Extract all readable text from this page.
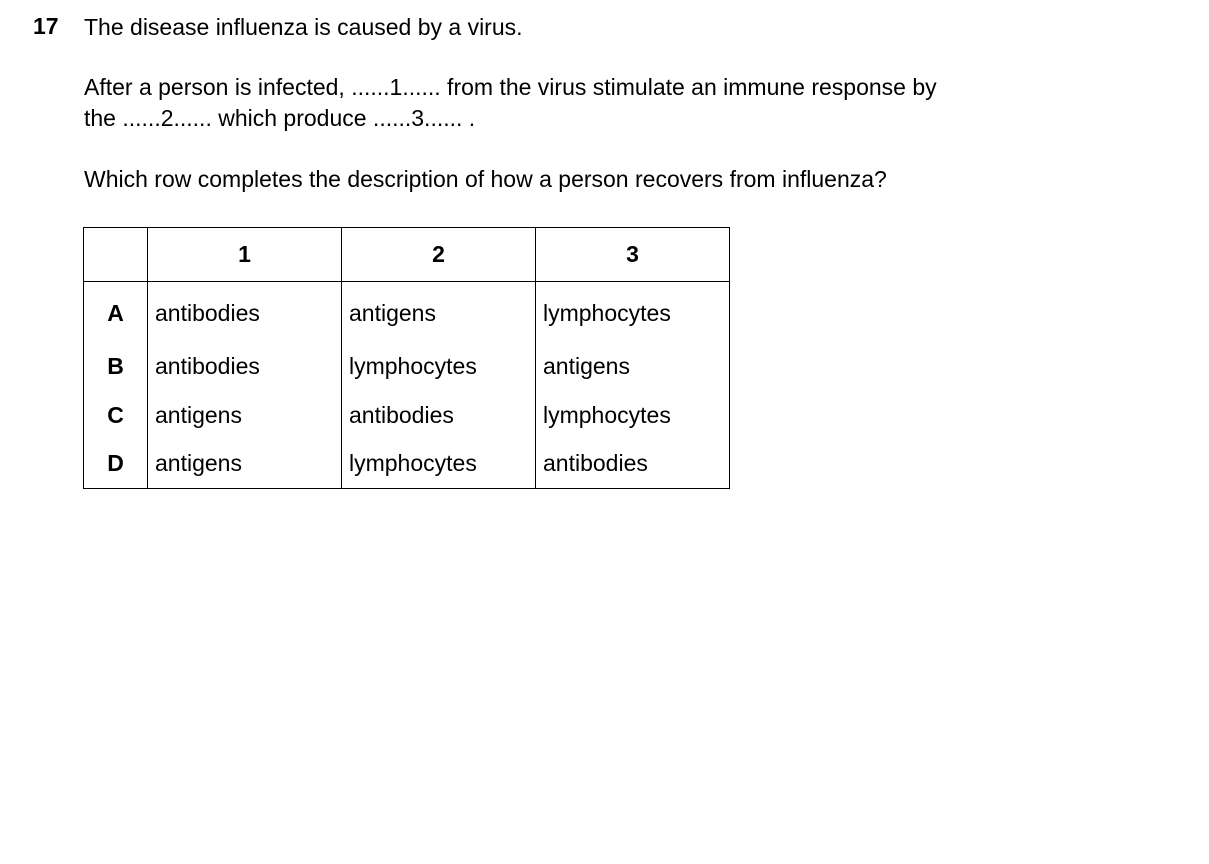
17 The disease influenza is caused by a virus.

After a person is infected, ......1...... from the virus stimulate an immune response by
the ......2...... which produce ......3...... .

Which row completes the description of how a person recovers from influenza?

	1	2	3
A	antibodies	antigens	lymphocytes
B	antibodies	lymphocytes	antigens
C	antigens	antibodies	lymphocytes
D	antigens	lymphocytes	antibodies
